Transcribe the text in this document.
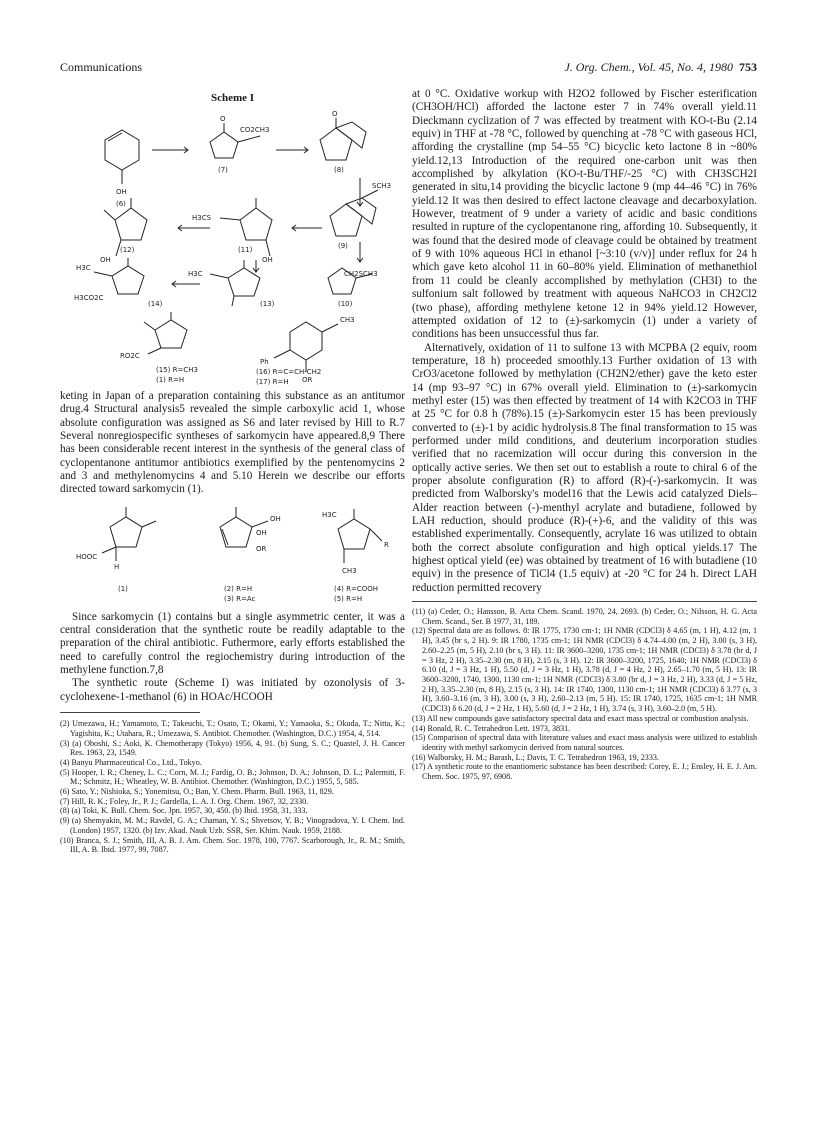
Communications	J. Org. Chem., Vol. 45, No. 4, 1980 753
Scheme I
OH
(6)
O
CO2CH3
(7)
O
(8)
SCH3
(9)
H3CS
OH
(11)
OH
(12)
CH2SCH3
(10)
H3C
(13)
H3C
H3CO2C
(14)
RO2C
(15) R=CH3
(1) R=H
CH3
Ph
OR
(16) R=C=CH-CH2
(17) R=H

keting in Japan of a preparation containing this substance as an antitumor drug.4 Structural analysis5 revealed the simple carboxylic acid 1, whose absolute configuration was assigned as S6 and later revised by Hill to R.7 Several nonregiospecific syntheses of sarkomycin have appeared.8,9 There has been considerable recent interest in the synthesis of the general class of cyclopentanone antitumor antibiotics exemplified by the pentenomycins 2 and 3 and methylenomycins 4 and 5.10 Herein we describe our efforts directed toward sarkomycin (1).

HOOC
H
OH
OH
OR
H3C
CH3
R
(1)	(2) R=H
(3) R=Ac
(4) R=COOH
(5) R=H

Since sarkomycin (1) contains but a single asymmetric center, it was a central consideration that the synthetic route be readily adaptable to the preparation of the chiral antibiotic. Futhermore, early efforts established the need to carefully control the regiochemistry during introduction of the methylene function.7,8

The synthetic route (Scheme I) was initiated by ozonolysis of 3-cyclohexene-1-methanol (6) in HOAc/HCOOH

(2) Umezawa, H.; Yamamoto, T.; Takeuchi, T.; Osato, T.; Okami, Y.; Yamaoka, S.; Okuda, T.; Nitta, K.; Yagishita, K.; Utahara, R.; Umezawa, S. Antibiot. Chemother. (Washington, D.C.) 1954, 4, 514.

(3) (a) Oboshi, S.; Aoki, K. Chemotherapy (Tokyo) 1956, 4, 91. (b) Sung, S. C.; Quastel, J. H. Cancer Res. 1963, 23, 1549.

(4) Banyu Pharmaceutical Co., Ltd., Tokyo.

(5) Hooper, I. R.; Cheney, L. C.; Corn, M. J.; Fardig, O. B.; Johnson, D. A.; Johnson, D. L.; Palermiti, F. M.; Schmitz, H.; Wheatley, W. B. Antibiot. Chemother. (Washington, D.C.) 1955, 5, 585.

(6) Sato, Y.; Nishioka, S.; Yonemitsu, O.; Ban, Y. Chem. Pharm. Bull. 1963, 11, 829.

(7) Hill, R. K.; Foley, Jr., P. J.; Gardella, L. A. J. Org. Chem. 1967, 32, 2330.

(8) (a) Toki, K. Bull. Chem. Soc. Jpn. 1957, 30, 450. (b) Ibid. 1958, 31, 333.

(9) (a) Shemyakin, M. M.; Ravdel, G. A.; Chaman, Y. S.; Shvetsov, Y. B.; Vinogradova, Y. I. Chem. Ind. (London) 1957, 1320. (b) Izv. Akad. Nauk Uzb. SSR, Ser. Khim. Nauk. 1959, 2188.

(10) Branca, S. J.; Smith, III, A. B. J. Am. Chem. Soc. 1978, 100, 7767. Scarborough, Jr., R. M.; Smith, III, A. B. Ibid. 1977, 99, 7087.

at 0 °C. Oxidative workup with H2O2 followed by Fischer esterification (CH3OH/HCl) afforded the lactone ester 7 in 74% overall yield.11 Dieckmann cyclization of 7 was effected by treatment with KO-t-Bu (2.14 equiv) in THF at -78 °C, followed by quenching at -78 °C with gaseous HCl, affording the crystalline (mp 54–55 °C) bicyclic keto lactone 8 in ~80% yield.12,13 Introduction of the required one-carbon unit was then accomplished by alkylation (KO-t-Bu/THF/-25 °C) with CH3SCH2I generated in situ,14 providing the bicyclic lactone 9 (mp 44–46 °C) in 76% yield.12 It was then desired to effect lactone cleavage and decarboxylation. However, treatment of 9 under a variety of acidic and basic conditions resulted in rupture of the cyclopentanone ring, affording 10. Subsequently, it was found that the desired mode of cleavage could be obtained by treatment of 9 with 10% aqueous HCl in ethanol [~3:10 (v/v)] under reflux for 24 h which gave keto alcohol 11 in 60–80% yield. Elimination of methanethiol from 11 could be cleanly accomplished by methylation (CH3I) to the sulfonium salt followed by treatment with aqueous NaHCO3 in CH2Cl2 (two phase), affording methylene ketone 12 in 94% yield.12 However, attempted oxidation of 12 to (±)-sarkomycin (1) under a variety of conditions has been unsuccessful thus far.

Alternatively, oxidation of 11 to sulfone 13 with MCPBA (2 equiv, room temperature, 18 h) proceeded smoothly.13 Further oxidation of 13 with CrO3/acetone followed by methylation (CH2N2/ether) gave the keto ester 14 (mp 93–97 °C) in 67% overall yield. Elimination to (±)-sarkomycin methyl ester (15) was then effected by treatment of 14 with K2CO3 in THF at 25 °C for 0.8 h (78%).15 (±)-Sarkomycin ester 15 has been previously converted to (±)-1 by acidic hydrolysis.8 The final transformation to 15 was performed under mild conditions, and deuterium incorporation studies verified that no racemization will occur during this conversion in the optically active series. We then set out to establish a route to chiral 6 of the proper absolute configuration (R) to afford (R)-(-)-sarkomycin. It was predicted from Walborsky's model16 that the Lewis acid catalyzed Diels–Alder reaction between (-)-menthyl acrylate and butadiene, followed by LAH reduction, should produce (R)-(+)-6, and the validity of this was established experimentally. Consequently, acrylate 16 was utilized to obtain both the correct absolute configuration and high optical yields.17 The highest optical yield (ee) was obtained by treatment of 16 with butadiene (10 equiv) in the presence of TiCl4 (1.5 equiv) at -20 °C for 24 h. Direct LAH reduction permitted recovery

(11) (a) Ceder, O.; Hansson, B. Acta Chem. Scand. 1970, 24, 2693. (b) Ceder, O.; Nilsson, H. G. Acta Chem. Scand., Ser. B 1977, 31, 189.

(12) Spectral data are as follows. 8: IR 1775, 1730 cm-1; 1H NMR (CDCl3) δ 4.65 (m, 1 H), 4.12 (m, 1 H), 3.45 (br s, 2 H). 9: IR 1780, 1735 cm-1; 1H NMR (CDCl3) δ 4.74–4.00 (m, 2 H), 3.00 (s, 3 H), 2.60–2.25 (m, 5 H), 2.10 (br s, 3 H). 11: IR 3600–3200, 1735 cm-1; 1H NMR (CDCl3) δ 3.78 (br d, J = 3 Hz, 2 H), 3.35–2.30 (m, 8 H), 2.15 (s, 3 H). 12: IR 3600–3200, 1725, 1640; 1H NMR (CDCl3) δ 6.10 (d, J = 3 Hz, 1 H), 5.50 (d, J = 3 Hz, 1 H), 3.78 (d, J = 4 Hz, 2 H), 2.65–1.70 (m, 5 H). 13: IR 3600–3200, 1740, 1300, 1130 cm-1; 1H NMR (CDCl3) δ 3.80 (br d, J = 3 Hz, 2 H), 3.33 (d, J = 5 Hz, 2 H), 3.35–2.30 (m, 8 H), 2.15 (s, 3 H). 14: IR 1740, 1300, 1130 cm-1; 1H NMR (CDCl3) δ 3.77 (s, 3 H), 3.60–3.16 (m, 3 H), 3.00 (s, 3 H), 2.60–2.13 (m, 5 H). 15: IR 1740, 1725, 1635 cm-1; 1H NMR (CDCl3) δ 6.20 (d, J = 2 Hz, 1 H), 5.60 (d, J = 2 Hz, 1 H), 3.74 (s, 3 H), 3.60–2.0 (m, 5 H).

(13) All new compounds gave satisfactory spectral data and exact mass spectral or combustion analysis.

(14) Ronald, R. C. Tetrahedron Lett. 1973, 3831.

(15) Comparison of spectral data with literature values and exact mass analysis were utilized to establish identity with methyl sarkomycin derived from natural sources.

(16) Walborsky, H. M.; Barash, L.; Davis, T. C. Tetrahedron 1963, 19, 2333.

(17) A synthetic route to the enantiomeric substance has been described: Corey, E. J.; Ensley, H. E. J. Am. Chem. Soc. 1975, 97, 6908.
